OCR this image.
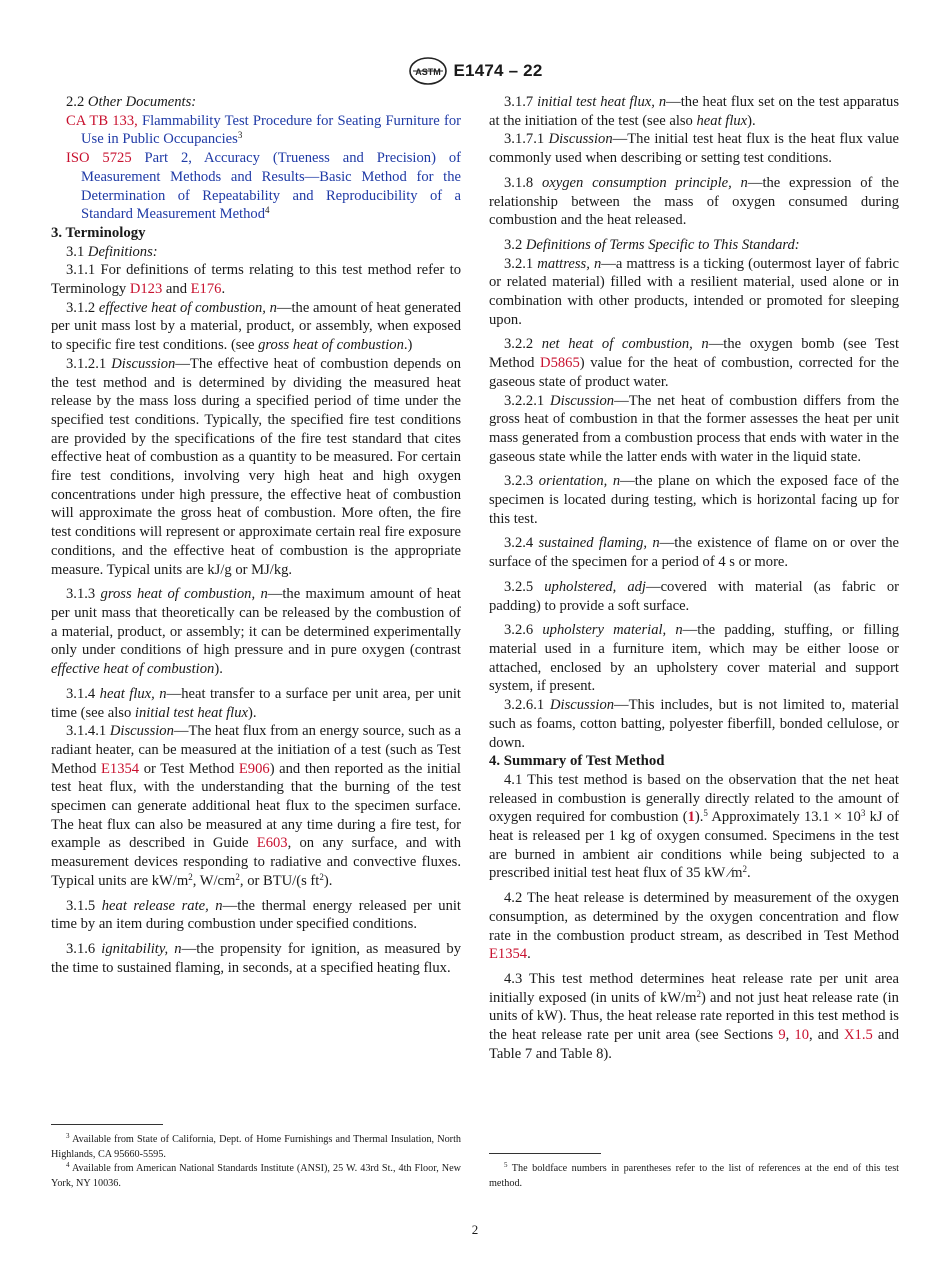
ASTM E1474 – 22

2.2 Other Documents:

CA TB 133, Flammability Test Procedure for Seating Furniture for Use in Public Occupancies$^3$

ISO 5725 Part 2, Accuracy (Trueness and Precision) of Measurement Methods and Results—Basic Method for the Determination of Repeatability and Reproducibility of a Standard Measurement Method$^4$

3. Terminology

3.1 Definitions:

3.1.1 For definitions of terms relating to this test method refer to Terminology D123 and E176.

3.1.2 effective heat of combustion, n—the amount of heat generated per unit mass lost by a material, product, or assembly, when exposed to specific fire test conditions. (see gross heat of combustion.)

3.1.2.1 Discussion—The effective heat of combustion depends on the test method and is determined by dividing the measured heat release by the mass loss during a specified period of time under the specified test conditions. Typically, the specified fire test conditions are provided by the specifications of the fire test standard that cites effective heat of combustion as a quantity to be measured. For certain fire test conditions, involving very high heat and high oxygen concentrations under high pressure, the effective heat of combustion will approximate the gross heat of combustion. More often, the fire test conditions will represent or approximate certain real fire exposure conditions, and the effective heat of combustion is the appropriate measure. Typical units are kJ/g or MJ/kg.

3.1.3 gross heat of combustion, n—the maximum amount of heat per unit mass that theoretically can be released by the combustion of a material, product, or assembly; it can be determined experimentally only under conditions of high pressure and in pure oxygen (contrast effective heat of combustion).

3.1.4 heat flux, n—heat transfer to a surface per unit area, per unit time (see also initial test heat flux).

3.1.4.1 Discussion—The heat flux from an energy source, such as a radiant heater, can be measured at the initiation of a test (such as Test Method E1354 or Test Method E906) and then reported as the initial test heat flux, with the understanding that the burning of the test specimen can generate additional heat flux to the specimen surface. The heat flux can also be measured at any time during a fire test, for example as described in Guide E603, on any surface, and with measurement devices responding to radiative and convective fluxes. Typical units are $kW/m^2$, $W/cm^2$, or BTU/(s $ft^2$).

3.1.5 heat release rate, n—the thermal energy released per unit time by an item during combustion under specified conditions.

3.1.6 ignitability, n—the propensity for ignition, as measured by the time to sustained flaming, in seconds, at a specified heating flux.

$^3$ Available from State of California, Dept. of Home Furnishings and Thermal Insulation, North Highlands, CA 95660-5595.

$^4$ Available from American National Standards Institute (ANSI), 25 W. 43rd St., 4th Floor, New York, NY 10036.

3.1.7 initial test heat flux, n—the heat flux set on the test apparatus at the initiation of the test (see also heat flux).

3.1.7.1 Discussion—The initial test heat flux is the heat flux value commonly used when describing or setting test conditions.

3.1.8 oxygen consumption principle, n—the expression of the relationship between the mass of oxygen consumed during combustion and the heat released.

3.2 Definitions of Terms Specific to This Standard:

3.2.1 mattress, n—a mattress is a ticking (outermost layer of fabric or related material) filled with a resilient material, used alone or in combination with other products, intended or promoted for sleeping upon.

3.2.2 net heat of combustion, n—the oxygen bomb (see Test Method D5865) value for the heat of combustion, corrected for the gaseous state of product water.

3.2.2.1 Discussion—The net heat of combustion differs from the gross heat of combustion in that the former assesses the heat per unit mass generated from a combustion process that ends with water in the gaseous state while the latter ends with water in the liquid state.

3.2.3 orientation, n—the plane on which the exposed face of the specimen is located during testing, which is horizontal facing up for this test.

3.2.4 sustained flaming, n—the existence of flame on or over the surface of the specimen for a period of 4 s or more.

3.2.5 upholstered, adj—covered with material (as fabric or padding) to provide a soft surface.

3.2.6 upholstery material, n—the padding, stuffing, or filling material used in a furniture item, which may be either loose or attached, enclosed by an upholstery cover material and support system, if present.

3.2.6.1 Discussion—This includes, but is not limited to, material such as foams, cotton batting, polyester fiberfill, bonded cellulose, or down.

4. Summary of Test Method

4.1 This test method is based on the observation that the net heat released in combustion is generally directly related to the amount of oxygen required for combustion (1).$^5$ Approximately $13.1 \times 10^3$ kJ of heat is released per 1 kg of oxygen consumed. Specimens in the test are burned in ambient air conditions while being subjected to a prescribed initial test heat flux of 35 kW $⁄m^2$.

4.2 The heat release is determined by measurement of the oxygen consumption, as determined by the oxygen concentration and flow rate in the combustion product stream, as described in Test Method E1354.

4.3 This test method determines heat release rate per unit area initially exposed (in units of $kW/m^2$) and not just heat release rate (in units of kW). Thus, the heat release rate reported in this test method is the heat release rate per unit area (see Sections 9, 10, and X1.5 and Table 7 and Table 8).

$^5$ The boldface numbers in parentheses refer to the list of references at the end of this test method.

2
